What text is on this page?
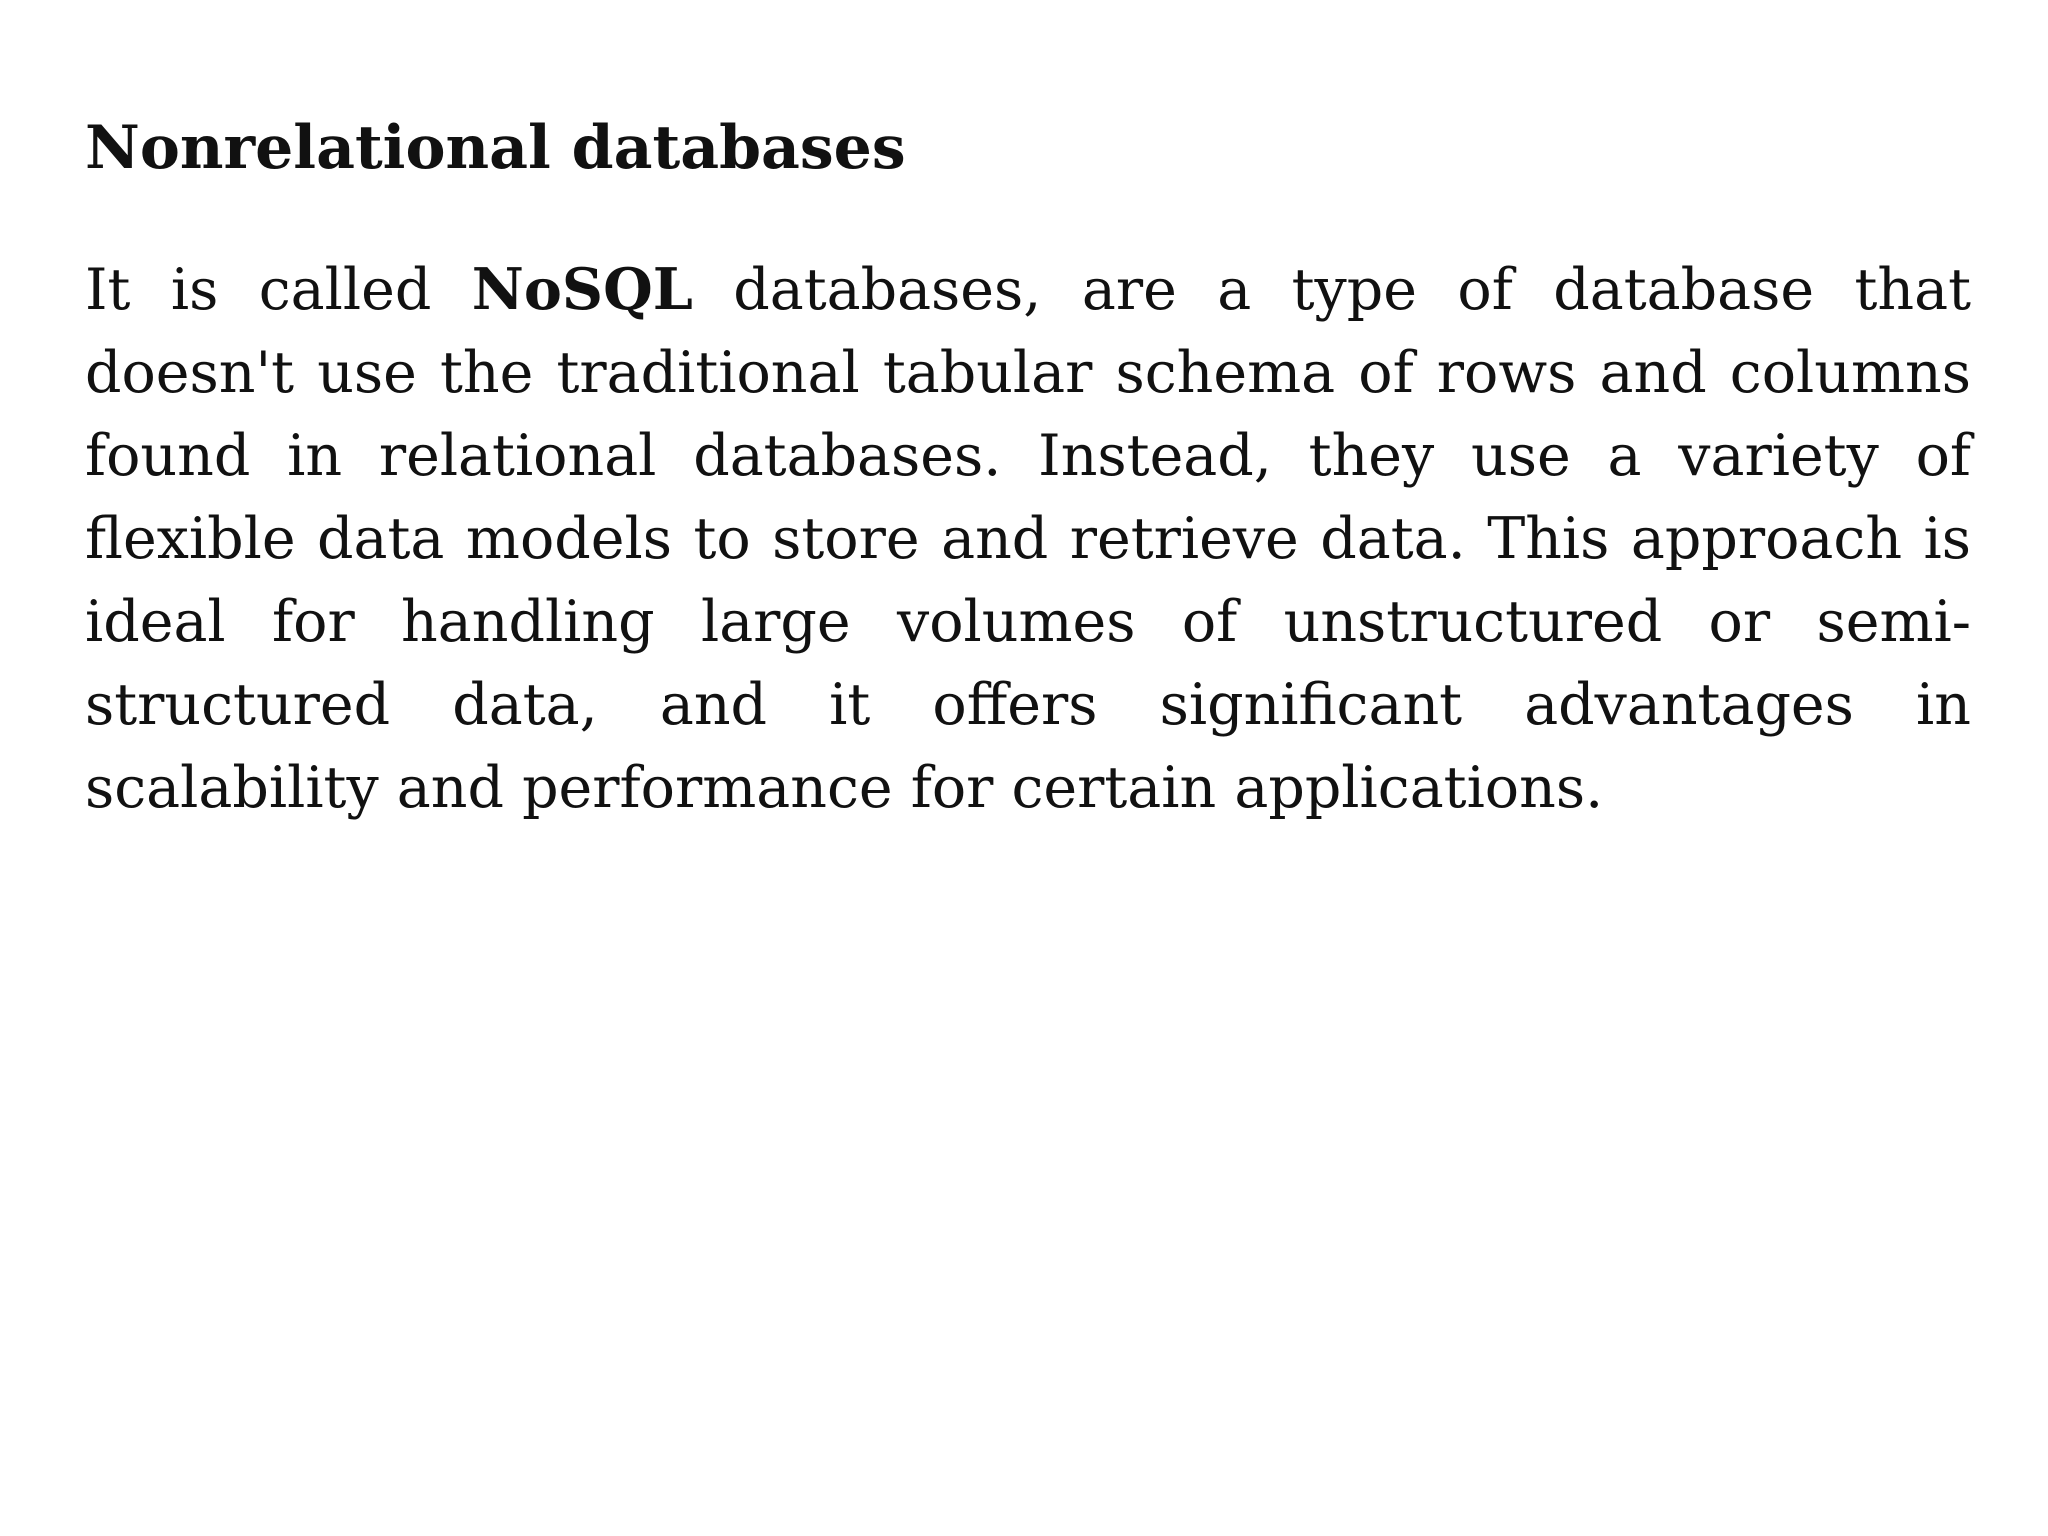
Nonrelational databases

It is called NoSQL databases, are a type of database that doesn't use the traditional tabular schema of rows and columns found in relational databases. Instead, they use a variety of flexible data models to store and retrieve data. This approach is ideal for handling large volumes of unstructured or semi-structured data, and it offers significant advantages in scalability and performance for certain applications.
